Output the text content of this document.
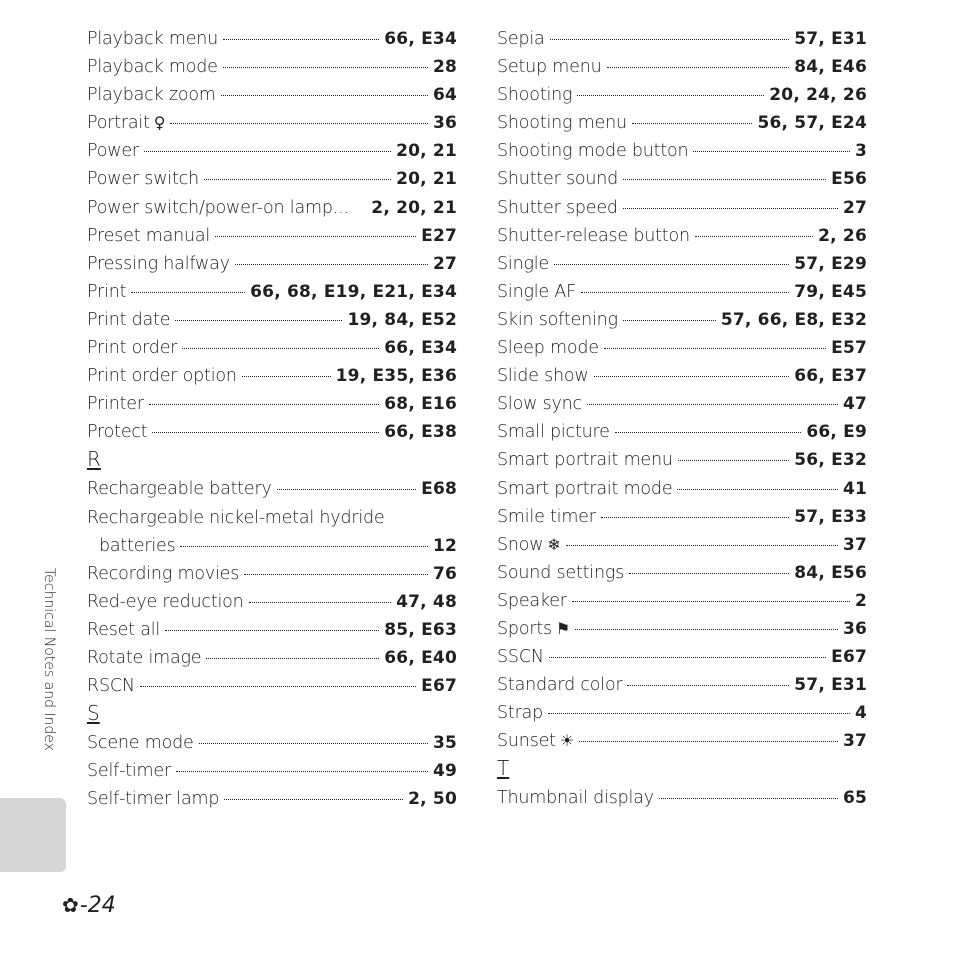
Playback menu	66, E34
Playback mode	28
Playback zoom	64
Portrait ♀	36
Power	20, 21
Power switch	20, 21
Power switch/power-on lamp... 2, 20, 21
Preset manual	E27
Pressing halfway	27
Print	66, 68, E19, E21, E34
Print date	19, 84, E52
Print order	66, E34
Print order option	19, E35, E36
Printer	68, E16
Protect	66, E38
R
Rechargeable battery	E68
Rechargeable nickel-metal hydride
batteries	12
Recording movies	76
Red-eye reduction	47, 48
Reset all	85, E63
Rotate image	66, E40
RSCN	E67
S
Scene mode	35
Self-timer	49
Self-timer lamp	2, 50
Sepia	57, E31
Setup menu	84, E46
Shooting	20, 24, 26
Shooting menu	56, 57, E24
Shooting mode button	3
Shutter sound	E56
Shutter speed	27
Shutter-release button	2, 26
Single	57, E29
Single AF	79, E45
Skin softening	57, 66, E8, E32
Sleep mode	E57
Slide show	66, E37
Slow sync	47
Small picture	66, E9
Smart portrait menu	56, E32
Smart portrait mode	41
Smile timer	57, E33
Snow ❄	37
Sound settings	84, E56
Speaker	2
Sports ⚑	36
SSCN	E67
Standard color	57, E31
Strap	4
Sunset ☀	37
T
Thumbnail display	65
Technical Notes and Index
✿-24
